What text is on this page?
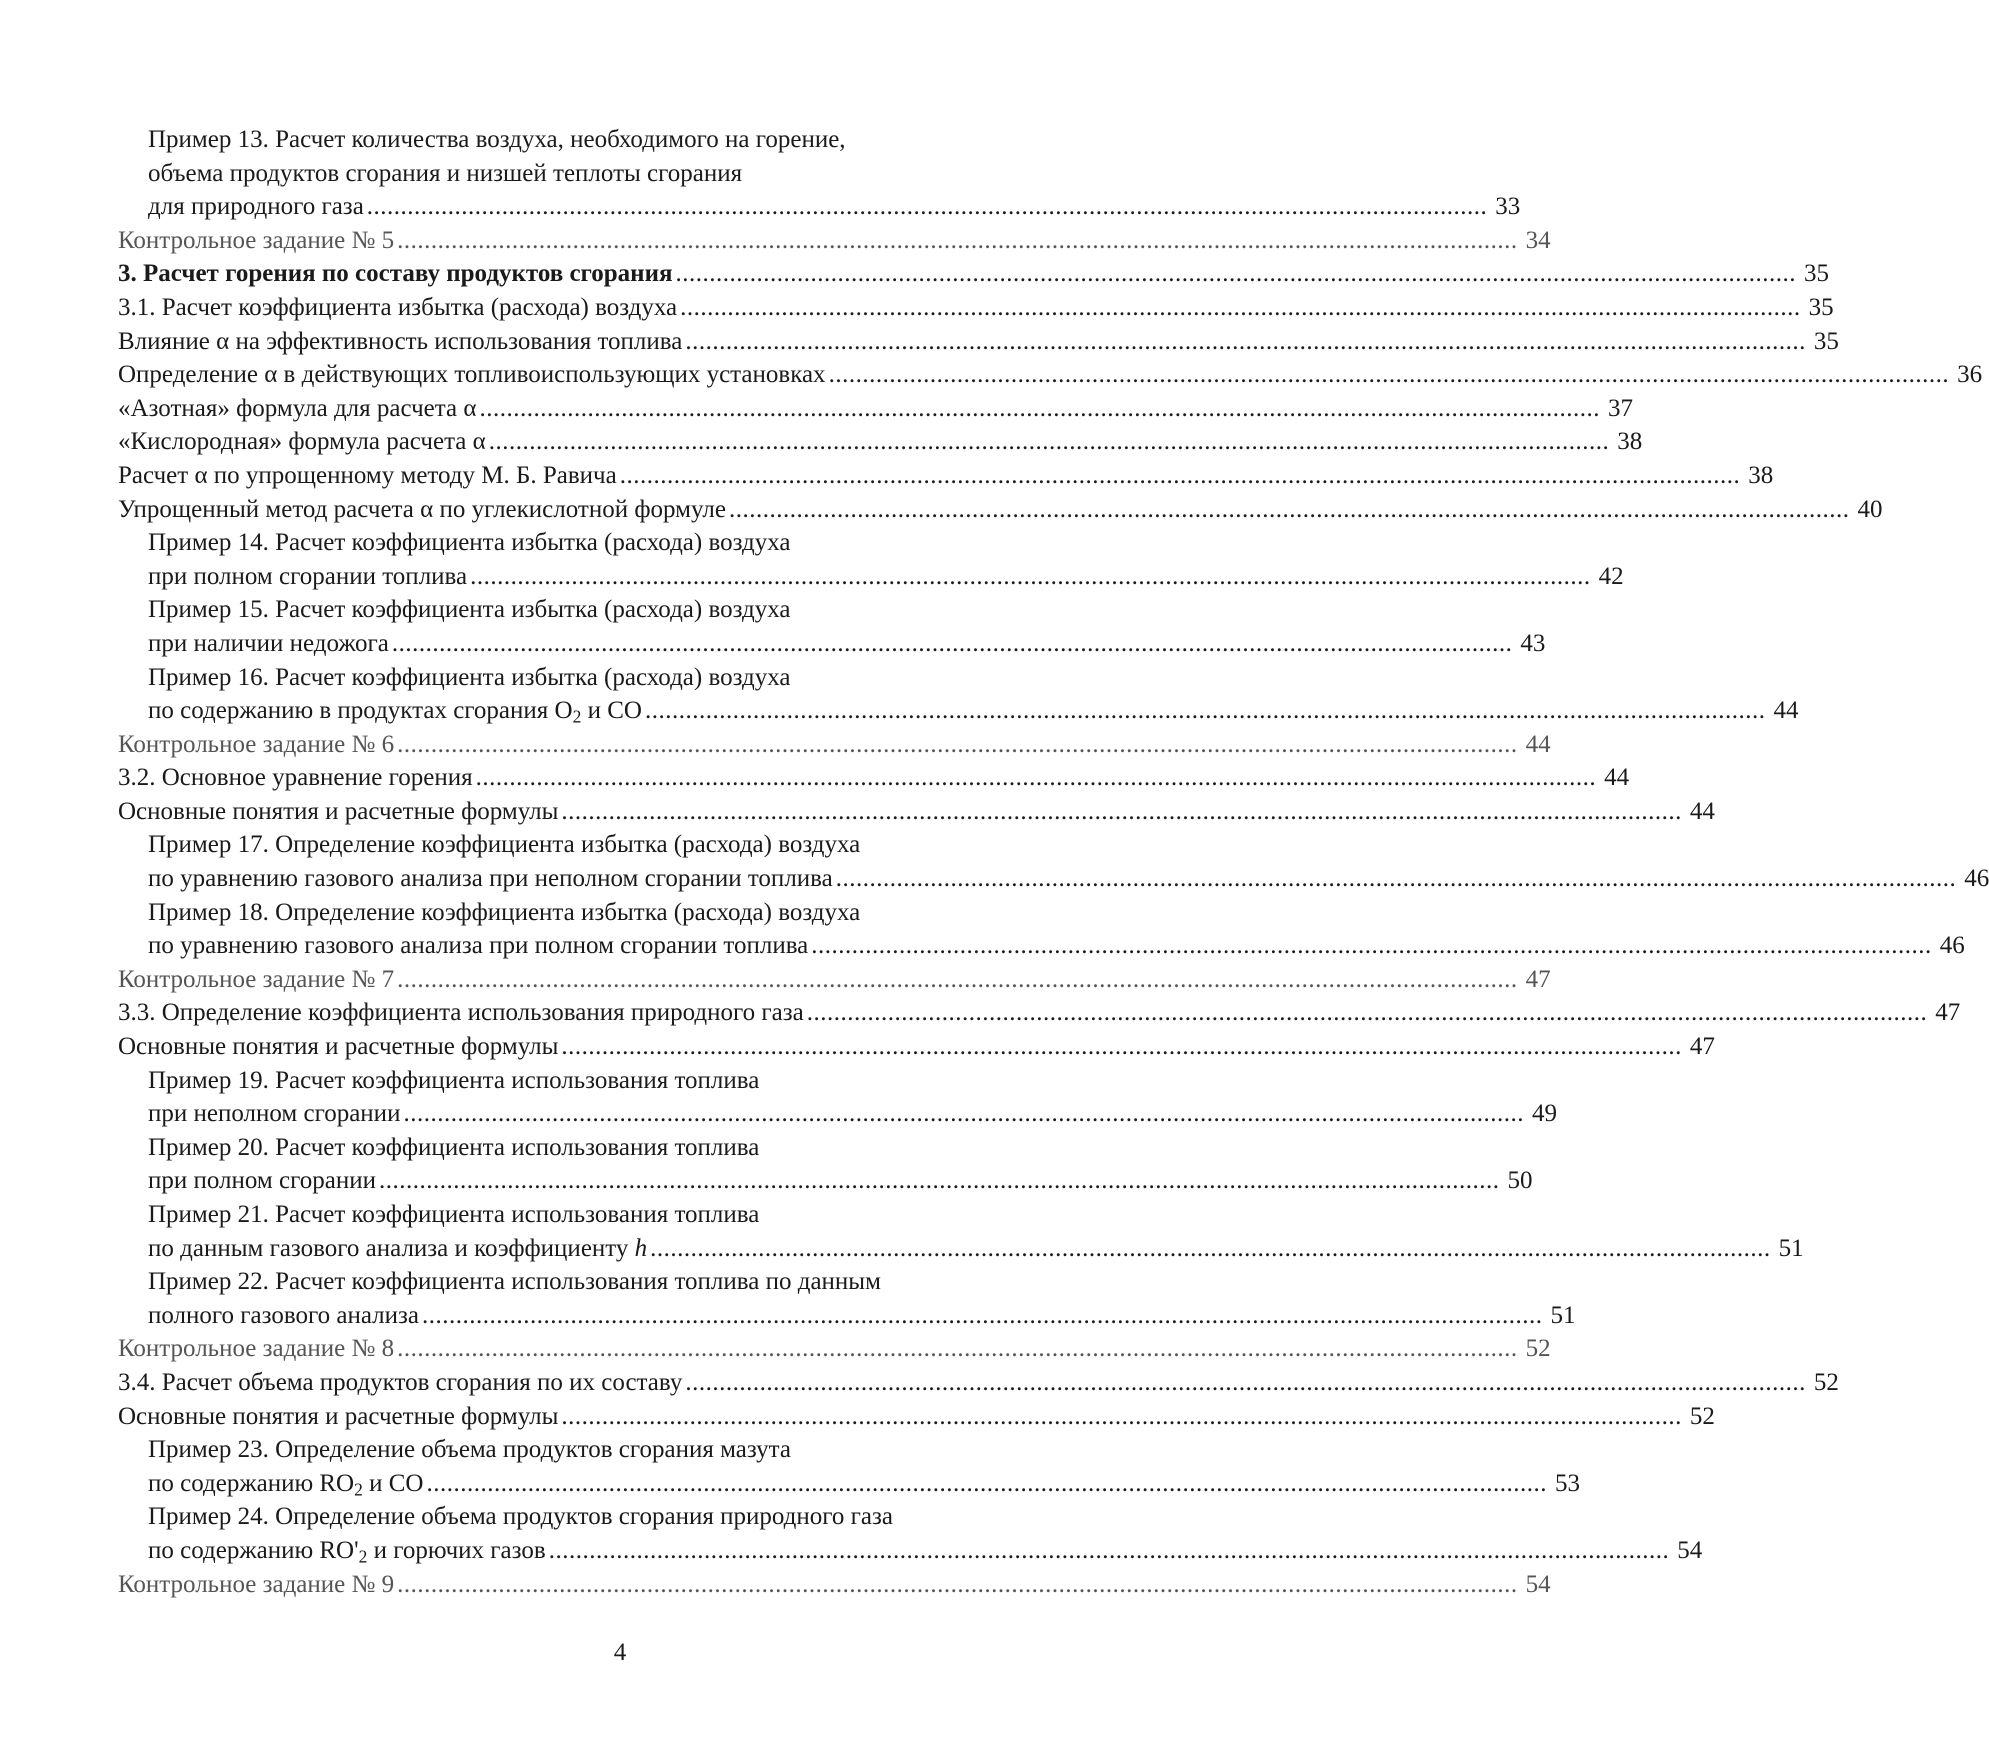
Пример 13. Расчет количества воздуха, необходимого на горение,
объема продуктов сгорания и низшей теплоты сгорания
для природного газа ...................................................................................................................................................................... 33
Контрольное задание № 5 ...................................................................................................................................................................... 34
3. Расчет горения по составу продуктов сгорания ...................................................................................................................................................................... 35
3.1. Расчет коэффициента избытка (расхода) воздуха ...................................................................................................................................................................... 35
Влияние α на эффективность использования топлива ...................................................................................................................................................................... 35
Определение α в действующих топливоиспользующих установках ...................................................................................................................................................................... 36
«Азотная» формула для расчета α ...................................................................................................................................................................... 37
«Кислородная» формула расчета α ...................................................................................................................................................................... 38
Расчет α по упрощенному методу М. Б. Равича ...................................................................................................................................................................... 38
Упрощенный метод расчета α по углекислотной формуле ...................................................................................................................................................................... 40
Пример 14. Расчет коэффициента избытка (расхода) воздуха
при полном сгорании топлива ...................................................................................................................................................................... 42
Пример 15. Расчет коэффициента избытка (расхода) воздуха
при наличии недожога ...................................................................................................................................................................... 43
Пример 16. Расчет коэффициента избытка (расхода) воздуха
по содержанию в продуктах сгорания $O_2$ и CO ...................................................................................................................................................................... 44
Контрольное задание № 6 ...................................................................................................................................................................... 44
3.2. Основное уравнение горения ...................................................................................................................................................................... 44
Основные понятия и расчетные формулы ...................................................................................................................................................................... 44
Пример 17. Определение коэффициента избытка (расхода) воздуха
по уравнению газового анализа при неполном сгорании топлива ...................................................................................................................................................................... 46
Пример 18. Определение коэффициента избытка (расхода) воздуха
по уравнению газового анализа при полном сгорании топлива ...................................................................................................................................................................... 46
Контрольное задание № 7 ...................................................................................................................................................................... 47
3.3. Определение коэффициента использования природного газа ...................................................................................................................................................................... 47
Основные понятия и расчетные формулы ...................................................................................................................................................................... 47
Пример 19. Расчет коэффициента использования топлива
при неполном сгорании ...................................................................................................................................................................... 49
Пример 20. Расчет коэффициента использования топлива
при полном сгорании ...................................................................................................................................................................... 50
Пример 21. Расчет коэффициента использования топлива
по данным газового анализа и коэффициенту h ...................................................................................................................................................................... 51
Пример 22. Расчет коэффициента использования топлива по данным
полного газового анализа ...................................................................................................................................................................... 51
Контрольное задание № 8 ...................................................................................................................................................................... 52
3.4. Расчет объема продуктов сгорания по их составу ...................................................................................................................................................................... 52
Основные понятия и расчетные формулы ...................................................................................................................................................................... 52
Пример 23. Определение объема продуктов сгорания мазута
по содержанию $RO_2$ и CO ...................................................................................................................................................................... 53
Пример 24. Определение объема продуктов сгорания природного газа
по содержанию $RO'_2$ и горючих газов ...................................................................................................................................................................... 54
Контрольное задание № 9 ...................................................................................................................................................................... 54
4
